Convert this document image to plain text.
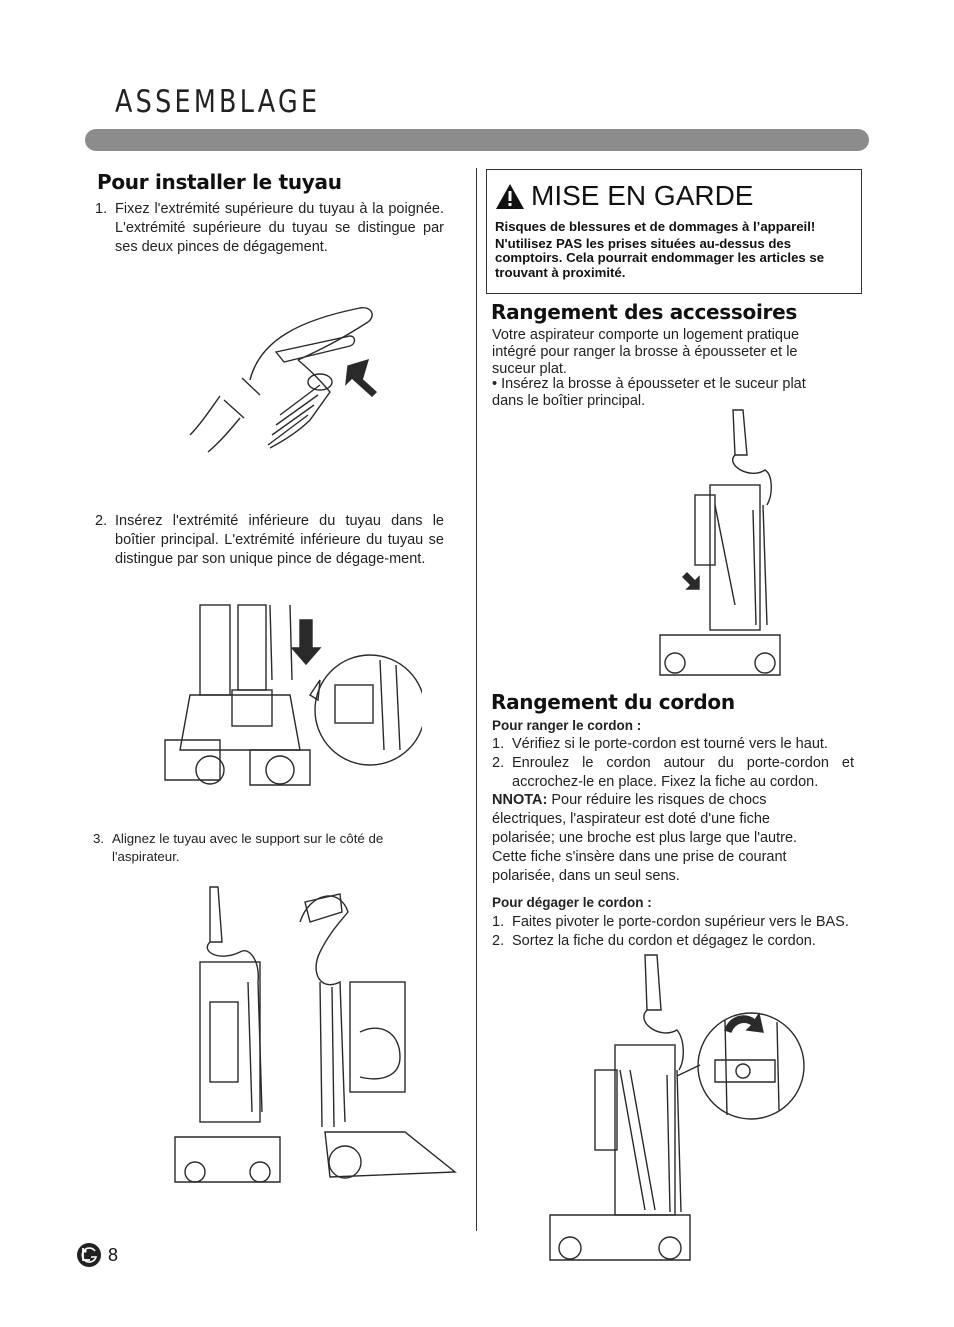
ASSEMBLAGE
Pour installer le tuyau
1. Fixez l'extrémité supérieure du tuyau à la poignée. L'extrémité supérieure du tuyau se distingue par ses deux pinces de dégagement.
2. Insérez l'extrémité inférieure du tuyau dans le boîtier principal. L'extrémité inférieure du tuyau se distingue par son unique pince de dégage-ment.
3. Alignez le tuyau avec le support sur le côté de l'aspirateur.
8
MISE EN GARDE
Risques de blessures et de dommages à l’appareil!
N'utilisez PAS les prises situées au-dessus des comptoirs. Cela pourrait endommager les articles se trouvant à proximité.
Rangement des accessoires
Votre aspirateur comporte un logement pratique intégré pour ranger la brosse à épousseter et le suceur plat.
• Insérez la brosse à épousseter et le suceur plat dans le boîtier principal.
Rangement du cordon
Pour ranger le cordon :
1. Vérifiez si le porte-cordon est tourné vers le haut.
2. Enroulez le cordon autour du porte-cordon et accrochez-le en place. Fixez la fiche au cordon.
NNOTA: Pour réduire les risques de chocs électriques, l'aspirateur est doté d'une fiche polarisée; une broche est plus large que l'autre. Cette fiche s'insère dans une prise de courant polarisée, dans un seul sens.
Pour dégager le cordon :
1. Faites pivoter le porte-cordon supérieur vers le BAS.
2. Sortez la fiche du cordon et dégagez le cordon.
